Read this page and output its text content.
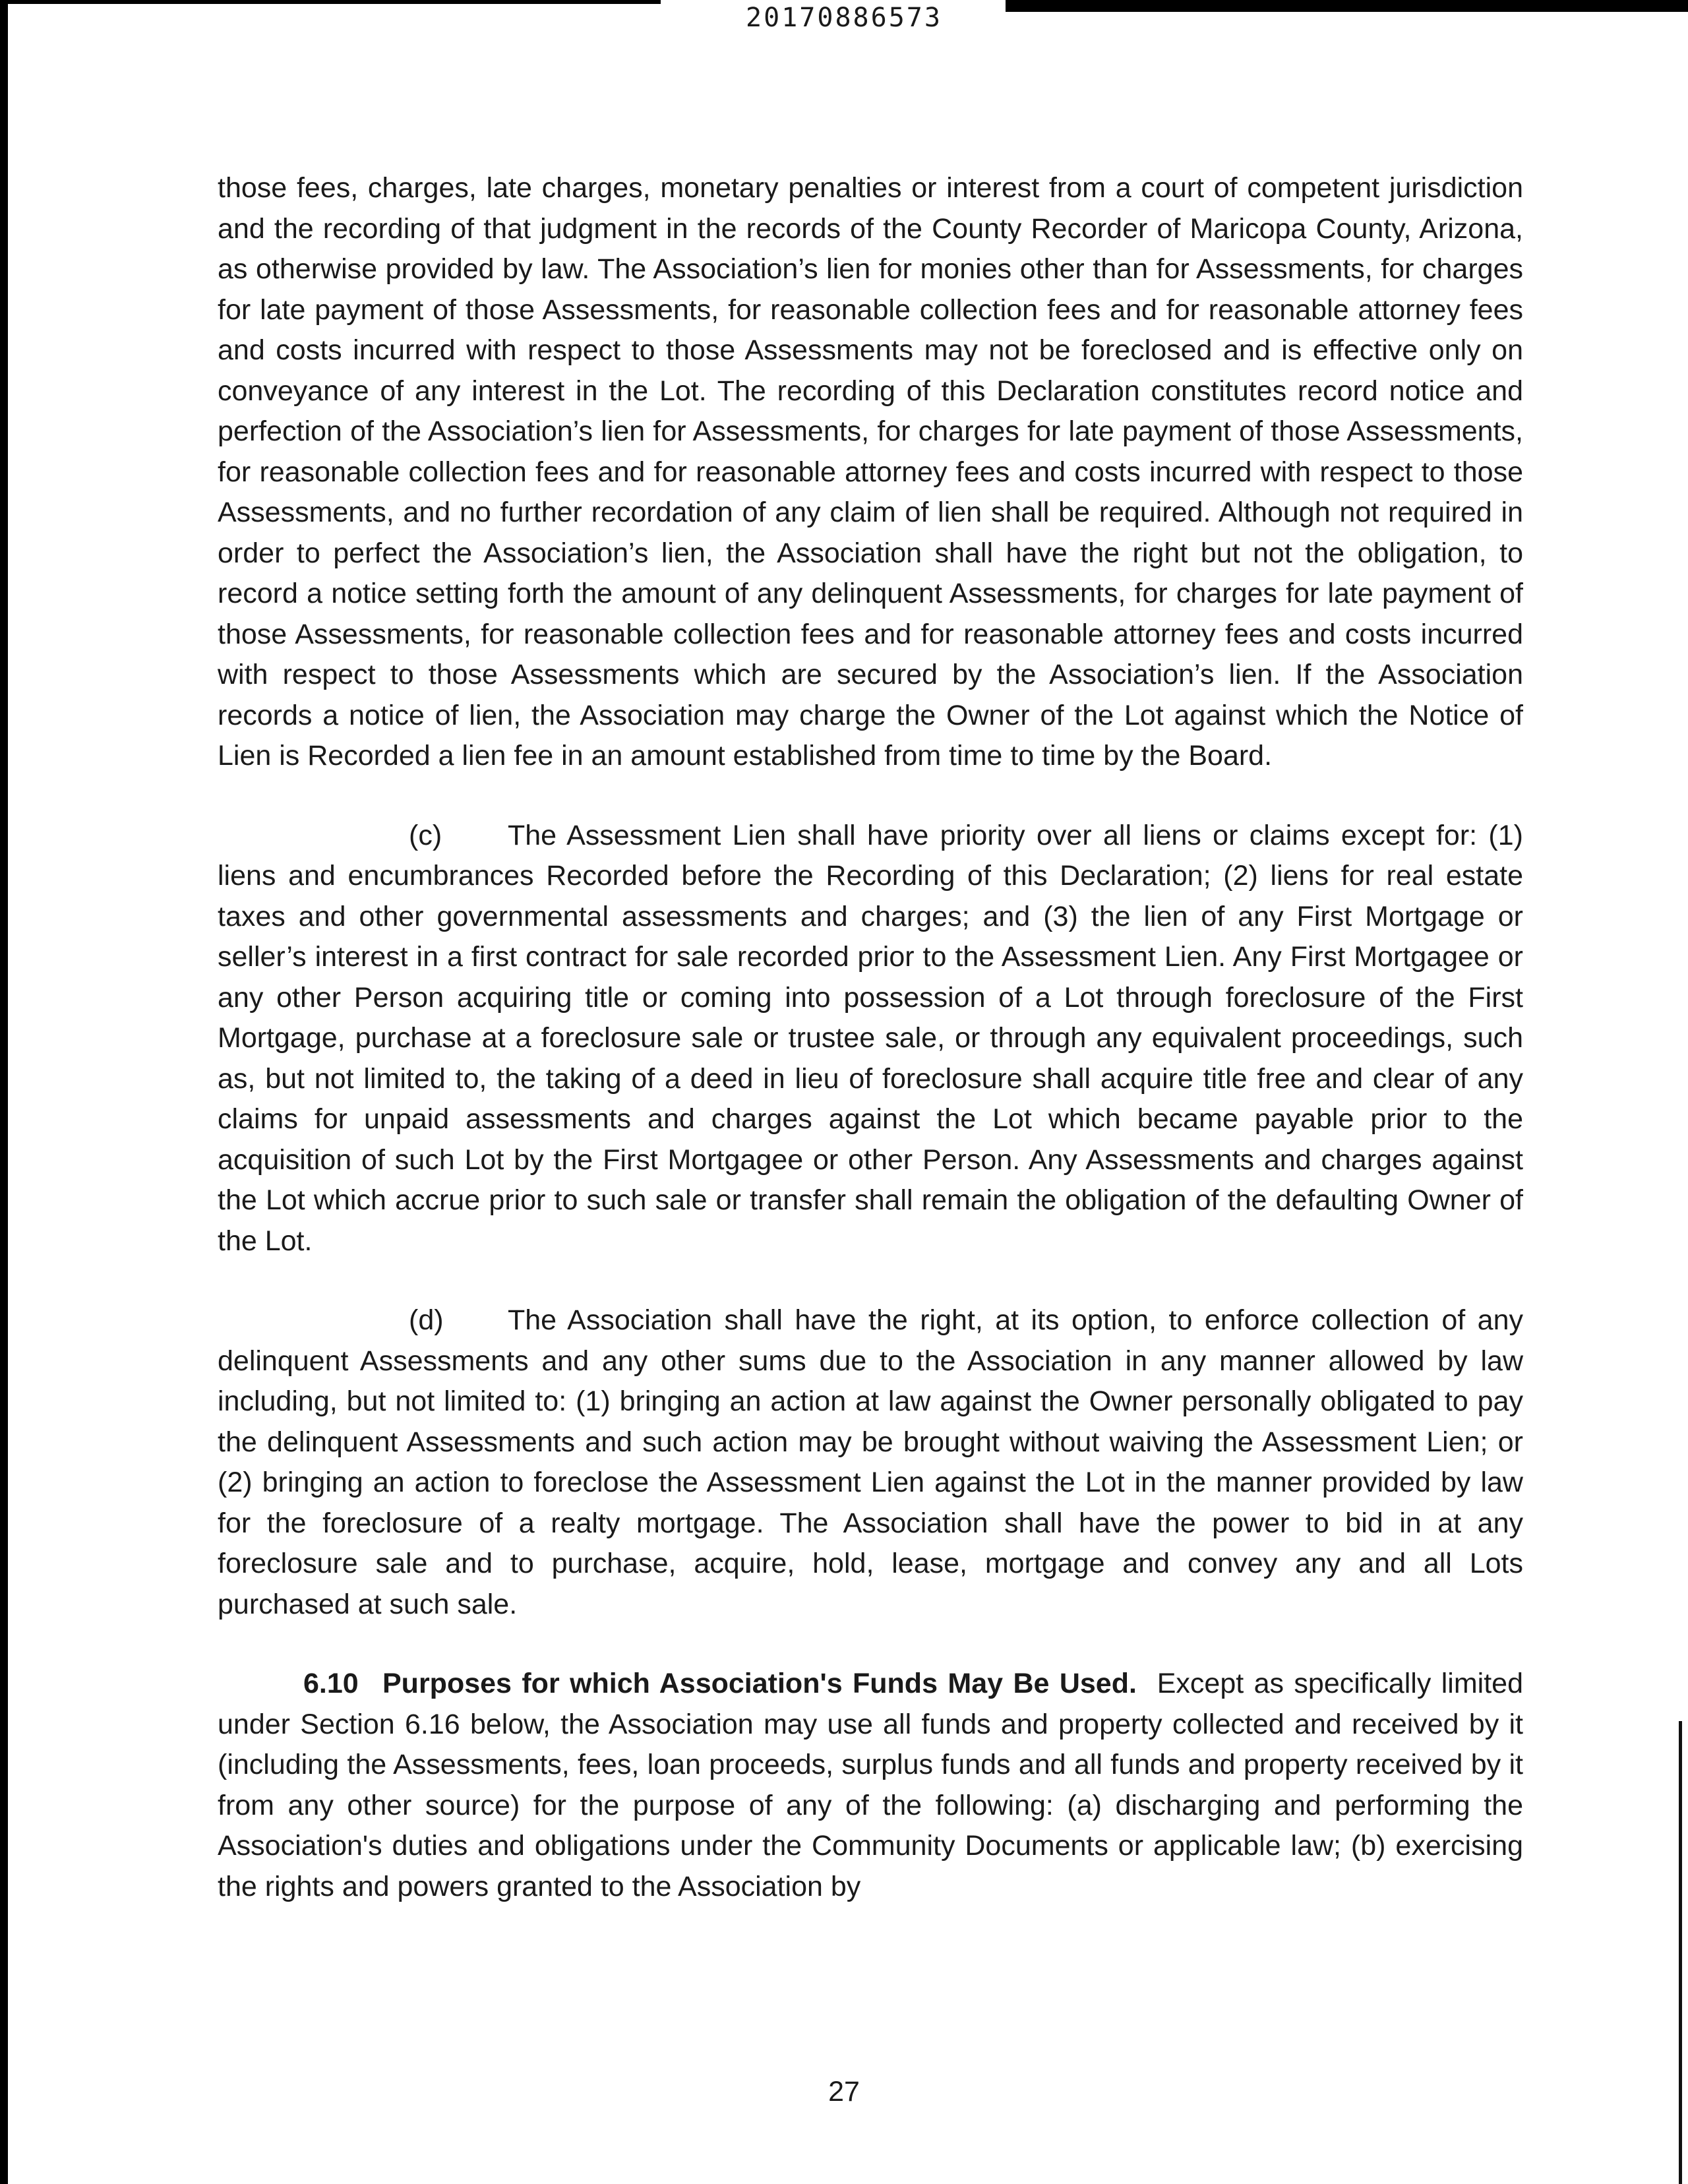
20170886573

those fees, charges, late charges, monetary penalties or interest from a court of competent jurisdiction and the recording of that judgment in the records of the County Recorder of Maricopa County, Arizona, as otherwise provided by law. The Association’s lien for monies other than for Assessments, for charges for late payment of those Assessments, for reasonable collection fees and for reasonable attorney fees and costs incurred with respect to those Assessments may not be foreclosed and is effective only on conveyance of any interest in the Lot. The recording of this Declaration constitutes record notice and perfection of the Association’s lien for Assessments, for charges for late payment of those Assessments, for reasonable collection fees and for reasonable attorney fees and costs incurred with respect to those Assessments, and no further recordation of any claim of lien shall be required. Although not required in order to perfect the Association’s lien, the Association shall have the right but not the obligation, to record a notice setting forth the amount of any delinquent Assessments, for charges for late payment of those Assessments, for reasonable collection fees and for reasonable attorney fees and costs incurred with respect to those Assessments which are secured by the Association’s lien. If the Association records a notice of lien, the Association may charge the Owner of the Lot against which the Notice of Lien is Recorded a lien fee in an amount established from time to time by the Board.

(c) The Assessment Lien shall have priority over all liens or claims except for: (1) liens and encumbrances Recorded before the Recording of this Declaration; (2) liens for real estate taxes and other governmental assessments and charges; and (3) the lien of any First Mortgage or seller’s interest in a first contract for sale recorded prior to the Assessment Lien. Any First Mortgagee or any other Person acquiring title or coming into possession of a Lot through foreclosure of the First Mortgage, purchase at a foreclosure sale or trustee sale, or through any equivalent proceedings, such as, but not limited to, the taking of a deed in lieu of foreclosure shall acquire title free and clear of any claims for unpaid assessments and charges against the Lot which became payable prior to the acquisition of such Lot by the First Mortgagee or other Person. Any Assessments and charges against the Lot which accrue prior to such sale or transfer shall remain the obligation of the defaulting Owner of the Lot.

(d) The Association shall have the right, at its option, to enforce collection of any delinquent Assessments and any other sums due to the Association in any manner allowed by law including, but not limited to: (1) bringing an action at law against the Owner personally obligated to pay the delinquent Assessments and such action may be brought without waiving the Assessment Lien; or (2) bringing an action to foreclose the Assessment Lien against the Lot in the manner provided by law for the foreclosure of a realty mortgage. The Association shall have the power to bid in at any foreclosure sale and to purchase, acquire, hold, lease, mortgage and convey any and all Lots purchased at such sale.

6.10 Purposes for which Association's Funds May Be Used. Except as specifically limited under Section 6.16 below, the Association may use all funds and property collected and received by it (including the Assessments, fees, loan proceeds, surplus funds and all funds and property received by it from any other source) for the purpose of any of the following: (a) discharging and performing the Association's duties and obligations under the Community Documents or applicable law; (b) exercising the rights and powers granted to the Association by

27
